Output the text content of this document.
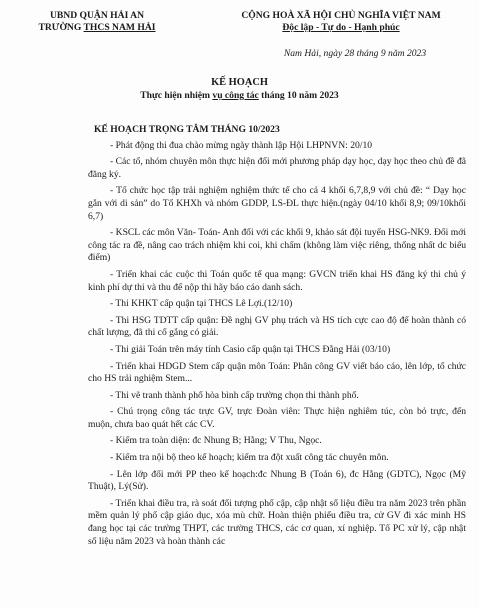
UBND QUẬN HẢI AN
TRƯỜNG THCS NAM HẢI
CỘNG HOÀ XÃ HỘI CHỦ NGHĨA VIỆT NAM
Độc lập - Tự do - Hạnh phúc
Nam Hải, ngày 28 tháng 9 năm 2023
KẾ HOẠCH
Thực hiện nhiệm vụ công tác tháng 10 năm 2023
KẾ HOẠCH TRỌNG TÂM THÁNG 10/2023
- Phát động thi đua chào mừng ngày thành lập Hội LHPNVN: 20/10
- Các tổ, nhóm chuyên môn thực hiện đổi mới phương pháp dạy học, dạy học theo chủ đề đã đăng ký.
- Tổ chức học tập trải nghiệm nghiệm thức tế cho cả 4 khối 6,7,8,9 với chủ đề: “ Dạy học gắn với di sản” do Tổ KHXh và nhóm GDDP, LS-ĐL thực hiện.(ngày 04/10 khối 8,9; 09/10khối 6,7)
- KSCL các môn Văn- Toán- Anh đối với các khối 9, khảo sát đội tuyển HSG-NK9. Đổi mới công tác ra đề, nâng cao trách nhiệm khi coi, khi chấm (không làm việc riêng, thống nhất dc biểu điểm)
- Triển khai các cuộc thi Toán quốc tế qua mạng: GVCN triển khai HS đăng ký thi chủ ý kinh phí dự thi và thu để nộp thi hãy báo cáo danh sách.
- Thi KHKT cấp quận tại THCS Lê Lợi.(12/10)
- Thi HSG TDTT cấp quận: Đề nghị GV phụ trách và HS tích cực cao độ để hoàn thành có chất lượng, đã thi cố gắng có giải.
- Thi giải Toán trên máy tính Casio cấp quận tại THCS Đằng Hải (03/10)
- Triển khai HDGD Stem cấp quận môn Toán: Phân công GV viết báo cáo, lên lớp, tổ chức cho HS trải nghiệm Stem...
- Thi vẽ tranh thành phố hòa bình cấp trường chọn thi thành phố.
- Chú trọng công tác trực GV, trực Đoàn viên: Thực hiện nghiêm túc, còn bỏ trực, đến muộn, chưa bao quát hết các CV.
- Kiểm tra toàn diện: đc Nhung B; Hằng; V Thu, Ngọc.
- Kiểm tra nội bộ theo kế hoạch; kiểm tra đột xuất công tác chuyên môn.
- Lên lớp đổi mới PP theo kế hoạch:đc Nhung B (Toán 6), đc Hằng (GDTC), Ngọc (Mỹ Thuật), Lý(Sử).
- Triển khai điều tra, rà soát đối tượng phổ cập, cập nhật số liệu điều tra năm 2023 trên phần mềm quản lý phổ cập giáo dục, xóa mù chữ. Hoàn thiện phiếu điều tra, cử GV đi xác minh HS đang học tại các trường THPT, các trường THCS, các cơ quan, xí nghiệp. Tổ PC xử lý, cập nhật số liệu năm 2023 và hoàn thành các
